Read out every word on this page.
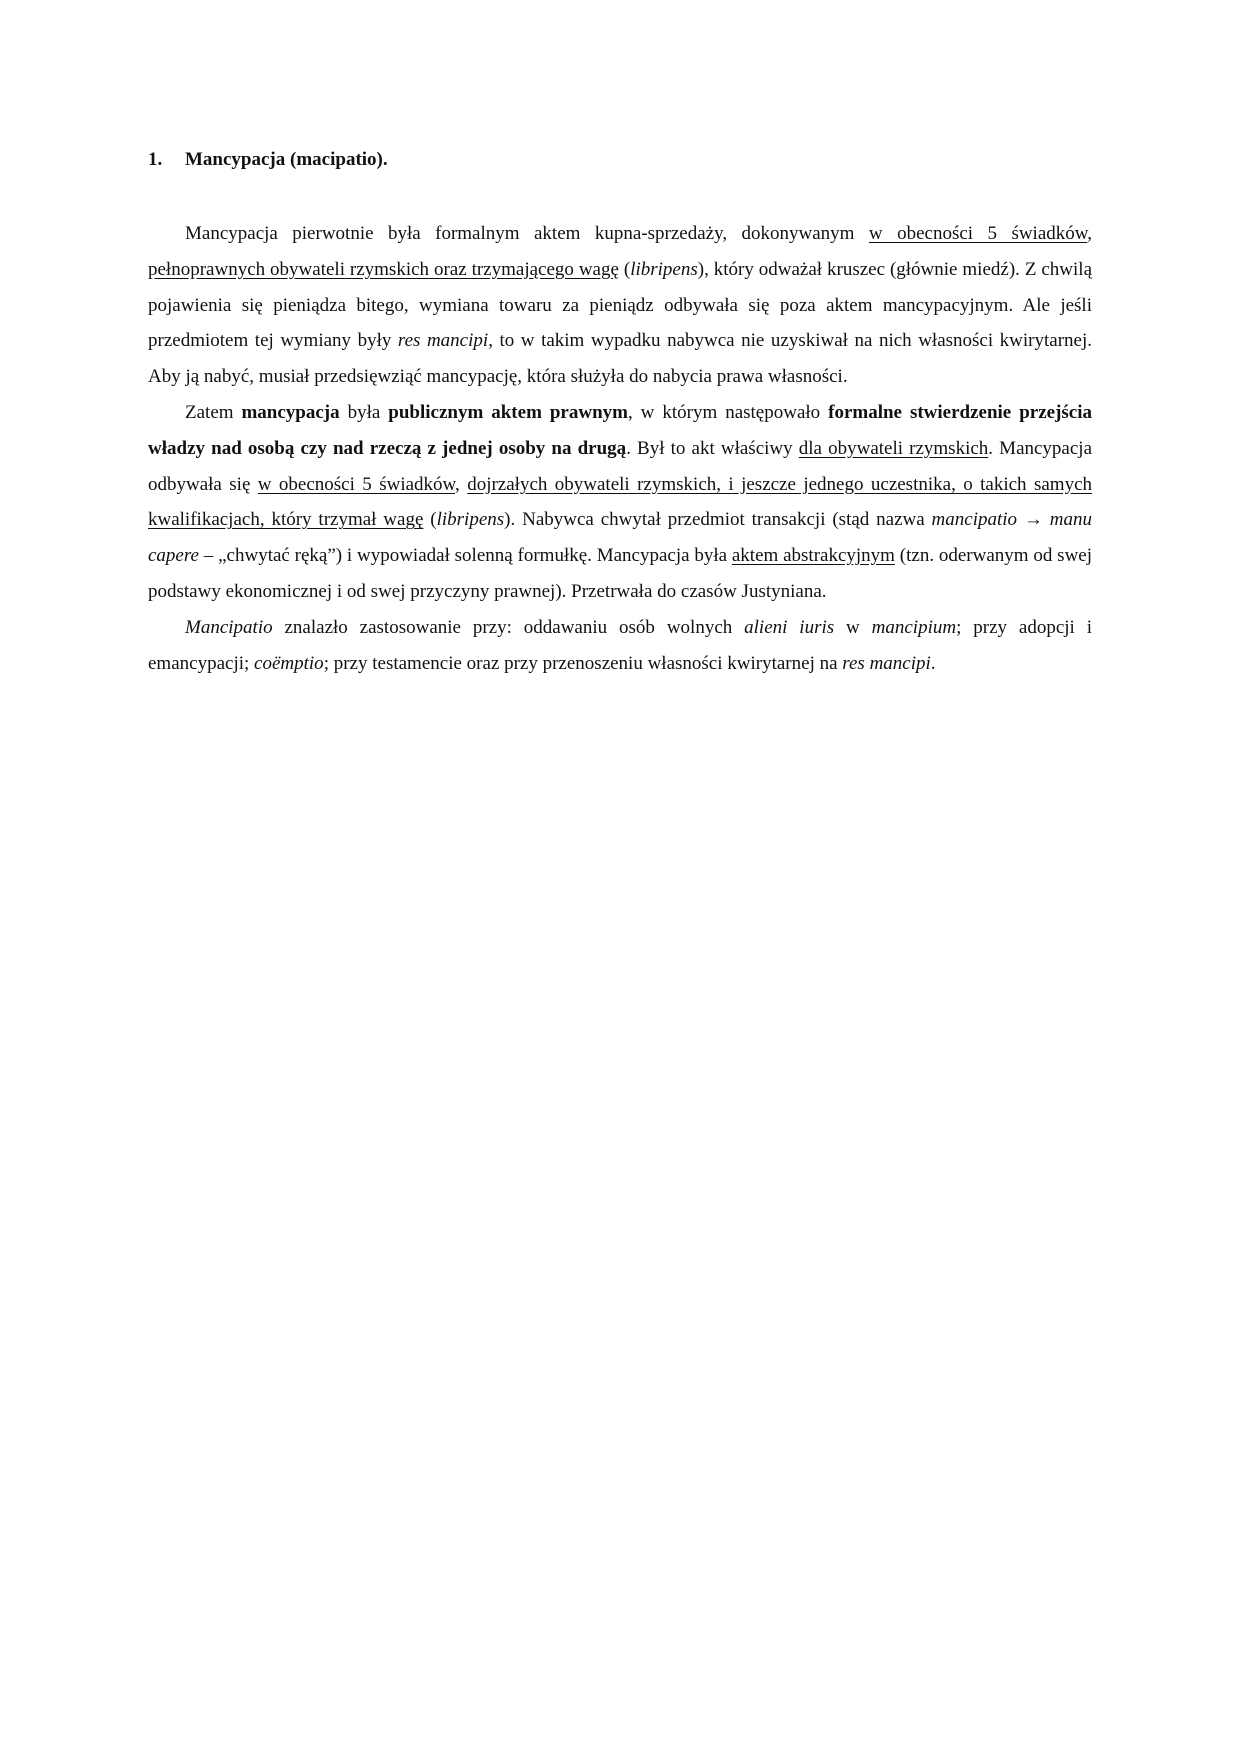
1. Mancypacja (macipatio).

Mancypacja pierwotnie była formalnym aktem kupna-sprzedaży, dokonywanym w obecności 5 świadków, pełnoprawnych obywateli rzymskich oraz trzymającego wagę (libripens), który odważał kruszec (głównie miedź). Z chwilą pojawienia się pieniądza bitego, wymiana towaru za pieniądz odbywała się poza aktem mancypacyjnym. Ale jeśli przedmiotem tej wymiany były res mancipi, to w takim wypadku nabywca nie uzyskiwał na nich własności kwirytarnej. Aby ją nabyć, musiał przedsięwziąć mancypację, która służyła do nabycia prawa własności.

Zatem mancypacja była publicznym aktem prawnym, w którym następowało formalne stwierdzenie przejścia władzy nad osobą czy nad rzeczą z jednej osoby na drugą. Był to akt właściwy dla obywateli rzymskich. Mancypacja odbywała się w obecności 5 świadków, dojrzałych obywateli rzymskich, i jeszcze jednego uczestnika, o takich samych kwalifikacjach, który trzymał wagę (libripens). Nabywca chwytał przedmiot transakcji (stąd nazwa mancipatio → manu capere – „chwytać ręką”) i wypowiadał solenną formułkę. Mancypacja była aktem abstrakcyjnym (tzn. oderwanym od swej podstawy ekonomicznej i od swej przyczyny prawnej). Przetrwała do czasów Justyniana.

Mancipatio znalazło zastosowanie przy: oddawaniu osób wolnych alieni iuris w mancipium; przy adopcji i emancypacji; coëmptio; przy testamencie oraz przy przenoszeniu własności kwirytarnej na res mancipi.
